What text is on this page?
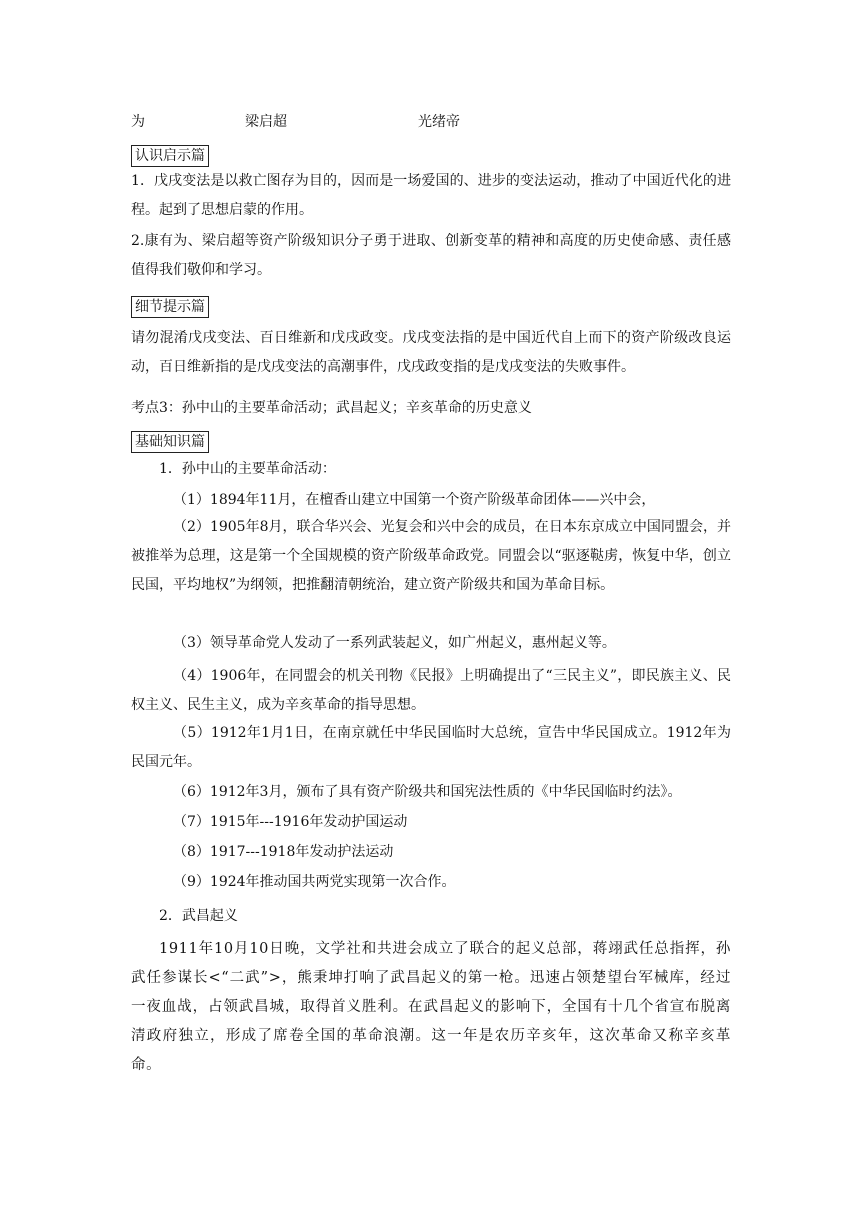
为	梁启超	光绪帝
认识启示篇
1．戊戌变法是以救亡图存为目的，因而是一场爱国的、进步的变法运动，推动了中国近代化的进程。起到了思想启蒙的作用。
2.康有为、梁启超等资产阶级知识分子勇于进取、创新变革的精神和高度的历史使命感、责任感值得我们敬仰和学习。
细节提示篇
请勿混淆戊戌变法、百日维新和戊戌政变。戊戌变法指的是中国近代自上而下的资产阶级改良运动，百日维新指的是戊戌变法的高潮事件，戊戌政变指的是戊戌变法的失败事件。
考点3：孙中山的主要革命活动；武昌起义；辛亥革命的历史意义
基础知识篇
1．孙中山的主要革命活动：
（1）1894年11月，在檀香山建立中国第一个资产阶级革命团体——兴中会，
（2）1905年8月，联合华兴会、光复会和兴中会的成员，在日本东京成立中国同盟会，并被推举为总理，这是第一个全国规模的资产阶级革命政党。同盟会以“驱逐鞑虏，恢复中华，创立民国，平均地权”为纲领，把推翻清朝统治，建立资产阶级共和国为革命目标。
（3）领导革命党人发动了一系列武装起义，如广州起义，惠州起义等。
（4）1906年，在同盟会的机关刊物《民报》上明确提出了“三民主义”，即民族主义、民权主义、民生主义，成为辛亥革命的指导思想。
（5）1912年1月1日，在南京就任中华民国临时大总统，宣告中华民国成立。1912年为民国元年。
（6）1912年3月，颁布了具有资产阶级共和国宪法性质的《中华民国临时约法》。
（7）1915年---1916年发动护国运动
（8）1917---1918年发动护法运动
（9）1924年推动国共两党实现第一次合作。
2．武昌起义
1911年10月10日晚，文学社和共进会成立了联合的起义总部，蒋翊武任总指挥，孙武任参谋长<“二武”>，熊秉坤打响了武昌起义的第一枪。迅速占领楚望台军械库，经过一夜血战，占领武昌城，取得首义胜利。在武昌起义的影响下，全国有十几个省宣布脱离清政府独立，形成了席卷全国的革命浪潮。这一年是农历辛亥年，这次革命又称辛亥革命。
